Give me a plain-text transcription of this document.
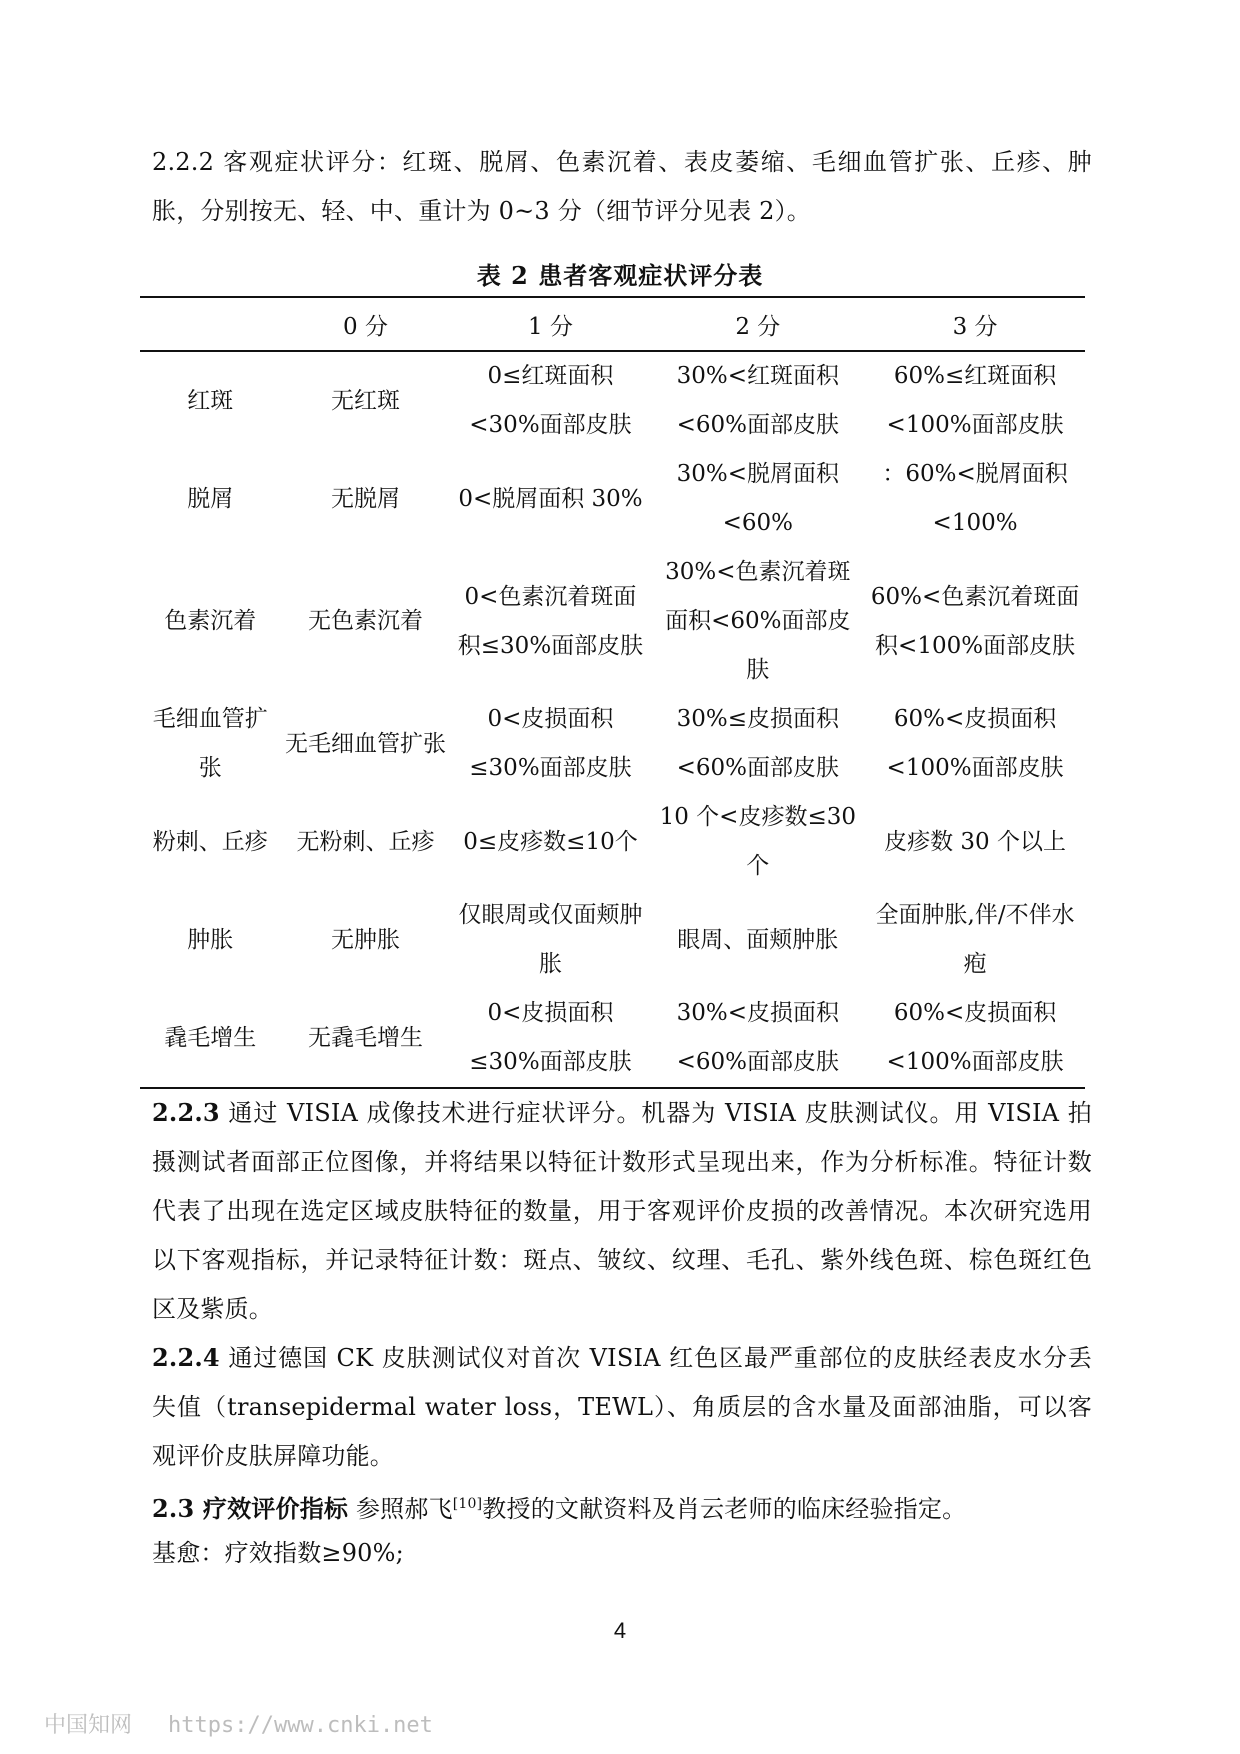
2.2.2 客观症状评分：红斑、脱屑、色素沉着、表皮萎缩、毛细血管扩张、丘疹、肿胀，分别按无、轻、中、重计为 0~3 分（细节评分见表 2）。
表 2 患者客观症状评分表
	0 分	1 分	2 分	3 分
红斑	无红斑	0≤红斑面积<30%面部皮肤	30%<红斑面积<60%面部皮肤	60%≤红斑面积<100%面部皮肤
脱屑	无脱屑	0<脱屑面积 30%	30%<脱屑面积<60%	：60%<脱屑面积<100%
色素沉着	无色素沉着	0<色素沉着斑面积≤30%面部皮肤	30%<色素沉着斑面积<60%面部皮肤	60%<色素沉着斑面积<100%面部皮肤
毛细血管扩张	无毛细血管扩张	0<皮损面积≤30%面部皮肤	30%≤皮损面积<60%面部皮肤	60%<皮损面积<100%面部皮肤
粉刺、丘疹	无粉刺、丘疹	0≤皮疹数≤10个	10 个<皮疹数≤30 个	皮疹数 30 个以上
肿胀	无肿胀	仅眼周或仅面颊肿胀	眼周、面颊肿胀	全面肿胀,伴/不伴水疱
毳毛增生	无毳毛增生	0<皮损面积≤30%面部皮肤	30%<皮损面积<60%面部皮肤	60%<皮损面积<100%面部皮肤
2.2.3 通过 VISIA 成像技术进行症状评分。机器为 VISIA 皮肤测试仪。用 VISIA 拍摄测试者面部正位图像，并将结果以特征计数形式呈现出来，作为分析标准。特征计数代表了出现在选定区域皮肤特征的数量，用于客观评价皮损的改善情况。本次研究选用以下客观指标，并记录特征计数：斑点、皱纹、纹理、毛孔、紫外线色斑、棕色斑红色区及紫质。
2.2.4 通过德国 CK 皮肤测试仪对首次 VISIA 红色区最严重部位的皮肤经表皮水分丢失值（transepidermal water loss，TEWL）、角质层的含水量及面部油脂，可以客观评价皮肤屏障功能。
2.3 疗效评价指标 参照郝飞[10]教授的文献资料及肖云老师的临床经验指定。
基愈：疗效指数≥90%;
4
中国知网 https://www.cnki.net
